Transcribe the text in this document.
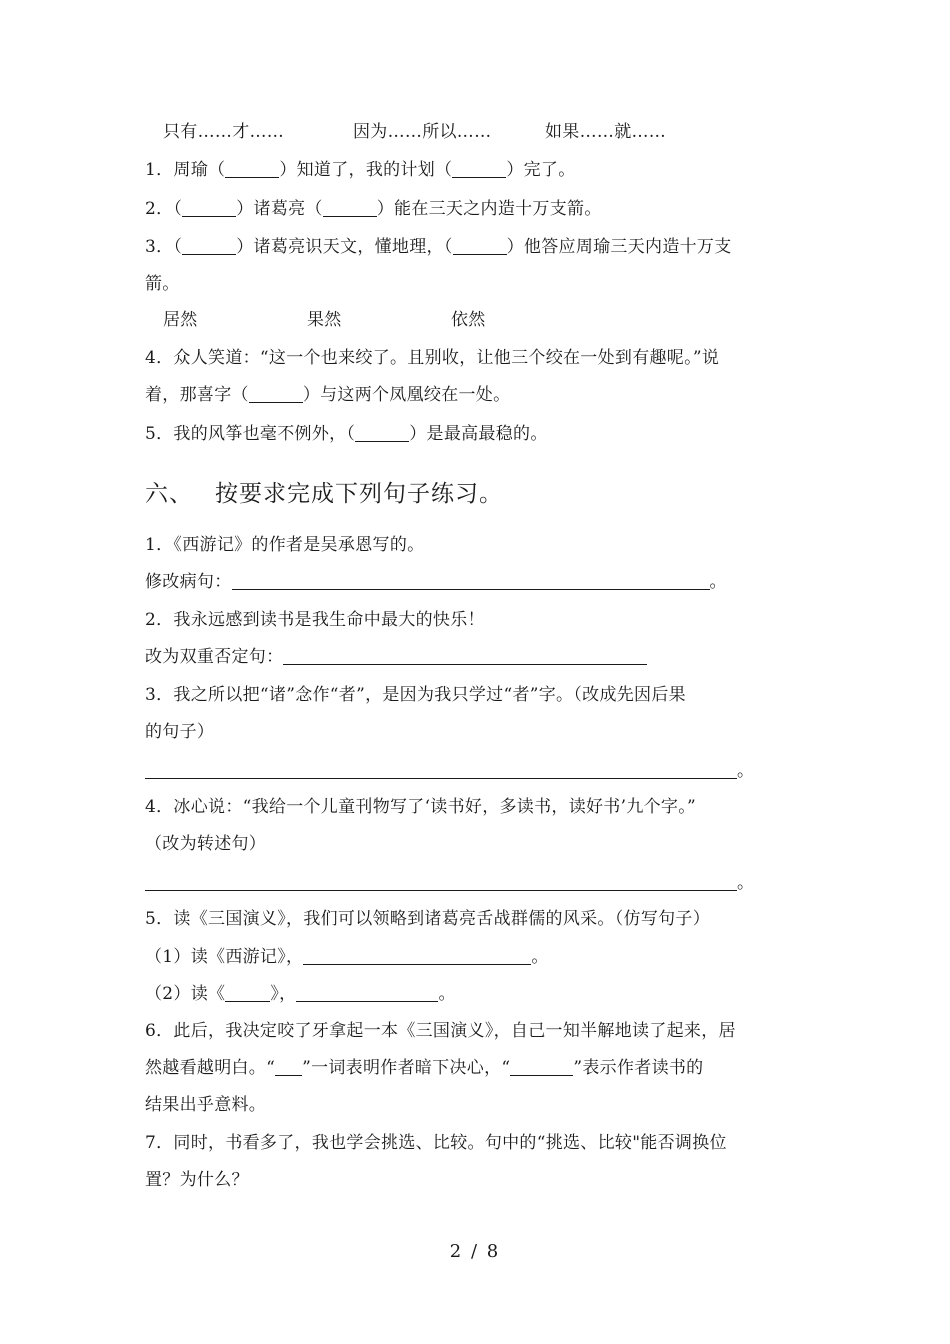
只有……才……	因为……所以……	如果……就……
1．周瑜（	）知道了，我的计划（	）完了。
2．（	）诸葛亮（	）能在三天之内造十万支箭。
3．（	）诸葛亮识天文，懂地理，（	）他答应周瑜三天内造十万支
箭。
居然	果然	依然
4．众人笑道：“这一个也来绞了。且别收，让他三个绞在一处到有趣呢。”说
着，那喜字（	）与这两个凤凰绞在一处。
5．我的风筝也毫不例外，（	）是最高最稳的。
六、 按要求完成下列句子练习。
1．《西游记》的作者是吴承恩写的。
修改病句：	。
2．我永远感到读书是我生命中最大的快乐！
改为双重否定句：
3．我之所以把“诸”念作“者”，是因为我只学过“者”字。（改成先因后果
的句子）
。
4．冰心说：“我给一个儿童刊物写了‘读书好，多读书，读好书’九个字。”
（改为转述句）
。
5．读《三国演义》，我们可以领略到诸葛亮舌战群儒的风采。（仿写句子）
（1）读《西游记》，	。
（2）读《	》，	。
6．此后，我决定咬了牙拿起一本《三国演义》，自己一知半解地读了起来，居
然越看越明白。“ ”一词表明作者暗下决心，“	”表示作者读书的
结果出乎意料。
7．同时，书看多了，我也学会挑选、比较。句中的“挑选、比较"能否调换位
置？为什么？
2 / 8
